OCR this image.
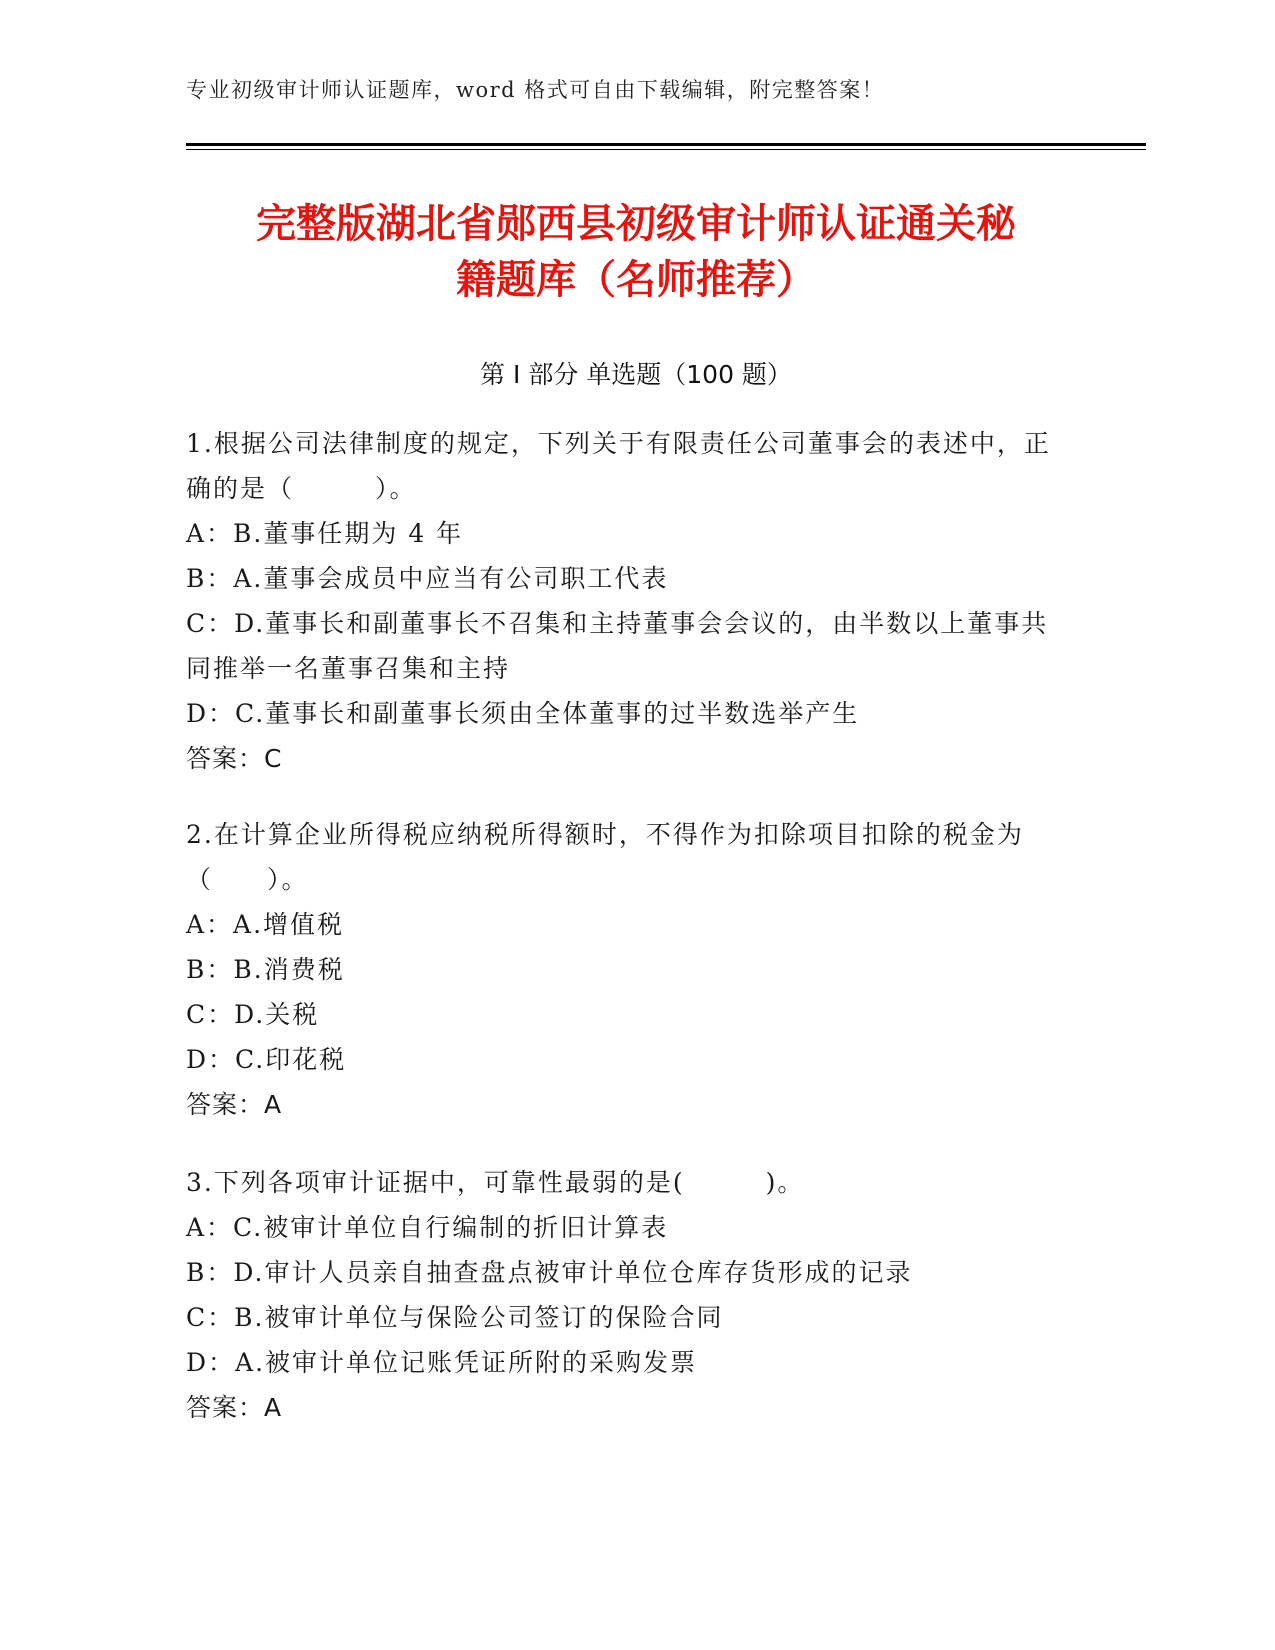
专业初级审计师认证题库，word 格式可自由下载编辑，附完整答案！
完整版湖北省郧西县初级审计师认证通关秘
籍题库（名师推荐）
第 I 部分 单选题（100 题）

1.根据公司法律制度的规定，下列关于有限责任公司董事会的表述中，正确的是（　　　）。

A：B.董事任期为 4 年

B：A.董事会成员中应当有公司职工代表

C：D.董事长和副董事长不召集和主持董事会会议的，由半数以上董事共同推举一名董事召集和主持

D：C.董事长和副董事长须由全体董事的过半数选举产生

答案：C

2.在计算企业所得税应纳税所得额时，不得作为扣除项目扣除的税金为（　　）。

A：A.增值税

B：B.消费税

C：D.关税

D：C.印花税

答案：A

3.下列各项审计证据中，可靠性最弱的是(　　　)。

A：C.被审计单位自行编制的折旧计算表

B：D.审计人员亲自抽查盘点被审计单位仓库存货形成的记录

C：B.被审计单位与保险公司签订的保险合同

D：A.被审计单位记账凭证所附的采购发票

答案：A
